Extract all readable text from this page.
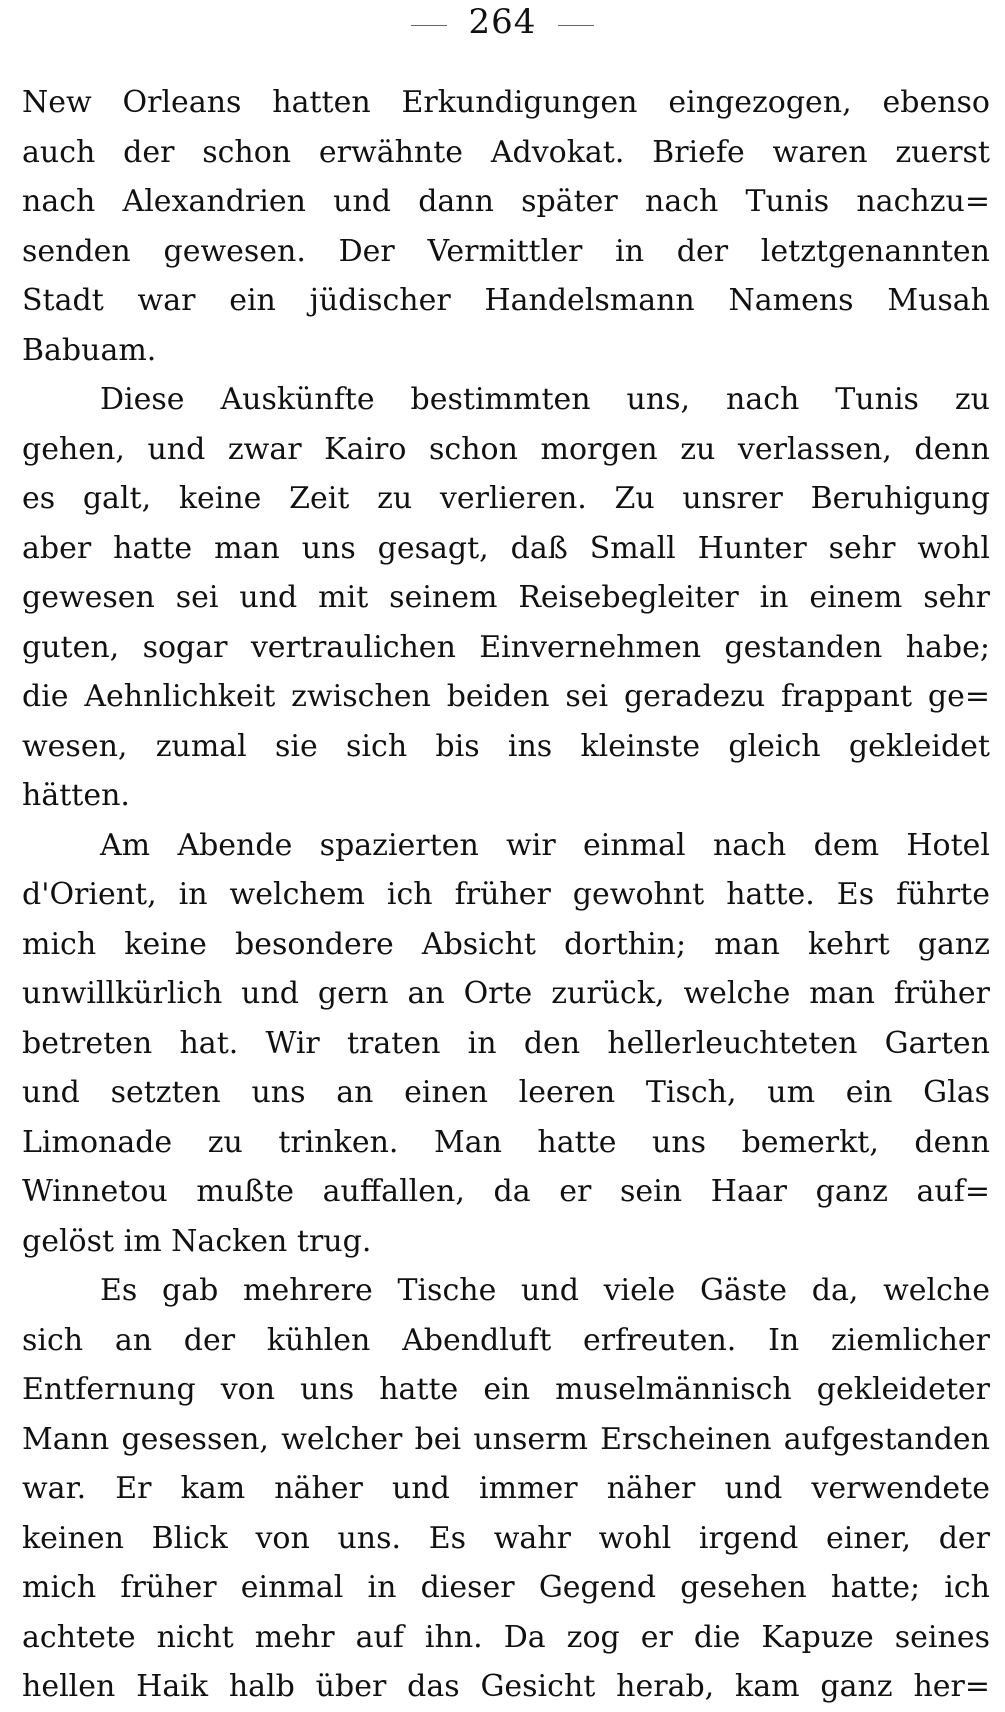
264
New Orleans hatten Erkundigungen eingezogen, ebenso
auch der schon erwähnte Advokat. Briefe waren zuerst
nach Alexandrien und dann später nach Tunis nachzu=
senden gewesen. Der Vermittler in der letztgenannten
Stadt war ein jüdischer Handelsmann Namens Musah
Babuam.
Diese Auskünfte bestimmten uns, nach Tunis zu
gehen, und zwar Kairo schon morgen zu verlassen, denn
es galt, keine Zeit zu verlieren. Zu unsrer Beruhigung
aber hatte man uns gesagt, daß Small Hunter sehr wohl
gewesen sei und mit seinem Reisebegleiter in einem sehr
guten, sogar vertraulichen Einvernehmen gestanden habe;
die Aehnlichkeit zwischen beiden sei geradezu frappant ge=
wesen, zumal sie sich bis ins kleinste gleich gekleidet
hätten.
Am Abende spazierten wir einmal nach dem Hotel
d'Orient, in welchem ich früher gewohnt hatte. Es führte
mich keine besondere Absicht dorthin; man kehrt ganz
unwillkürlich und gern an Orte zurück, welche man früher
betreten hat. Wir traten in den hellerleuchteten Garten
und setzten uns an einen leeren Tisch, um ein Glas
Limonade zu trinken. Man hatte uns bemerkt, denn
Winnetou mußte auffallen, da er sein Haar ganz auf=
gelöst im Nacken trug.
Es gab mehrere Tische und viele Gäste da, welche
sich an der kühlen Abendluft erfreuten. In ziemlicher
Entfernung von uns hatte ein muselmännisch gekleideter
Mann gesessen, welcher bei unserm Erscheinen aufgestanden
war. Er kam näher und immer näher und verwendete
keinen Blick von uns. Es wahr wohl irgend einer, der
mich früher einmal in dieser Gegend gesehen hatte; ich
achtete nicht mehr auf ihn. Da zog er die Kapuze seines
hellen Haik halb über das Gesicht herab, kam ganz her=
